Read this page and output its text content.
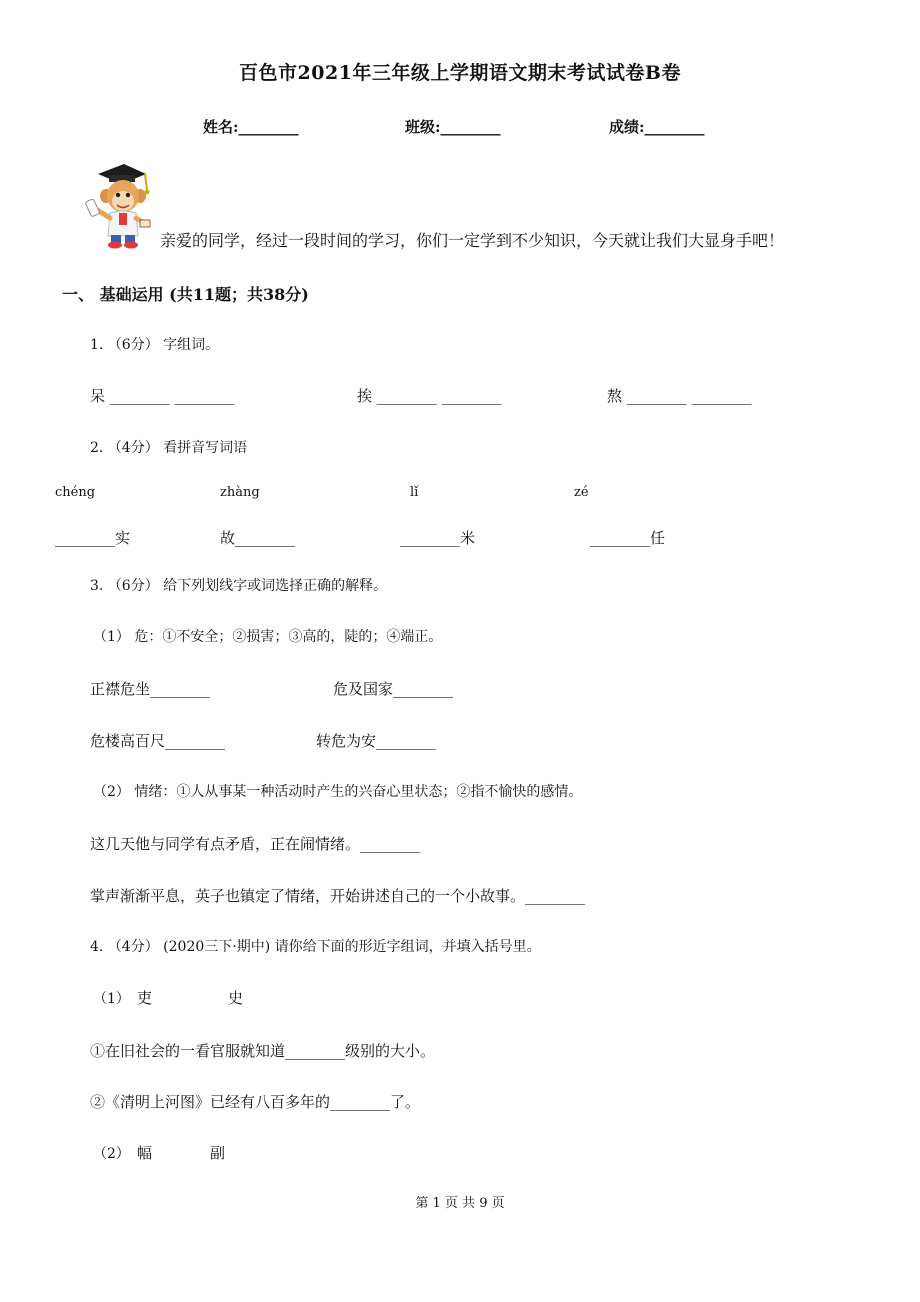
百色市2021年三年级上学期语文期末考试试卷B卷
姓名:________	班级:________	成绩:________
亲爱的同学，经过一段时间的学习，你们一定学到不少知识，今天就让我们大显身手吧！
一、 基础运用 (共11题；共38分)
1. （6分） 字组词。
呆 ________ ________	挨 ________ ________	熬 ________ ________
2. （4分） 看拼音写词语
chéng	zhàng	lǐ	zé
________实	故________	________米	________任
3. （6分） 给下列划线字或词选择正确的解释。
（1） 危：①不安全；②损害；③高的，陡的；④端正。
正襟危坐________	危及国家________
危楼高百尺________	转危为安________
（2） 情绪：①人从事某一种活动时产生的兴奋心里状态；②指不愉快的感情。
这几天他与同学有点矛盾，正在闹情绪。________
掌声渐渐平息，英子也镇定了情绪，开始讲述自己的一个小故事。________
4. （4分） (2020三下·期中) 请你给下面的形近字组词，并填入括号里。
（1） 吏	史
①在旧社会的一看官服就知道________级别的大小。
②《清明上河图》已经有八百多年的________了。
（2） 幅	副
第 1 页 共 9 页
